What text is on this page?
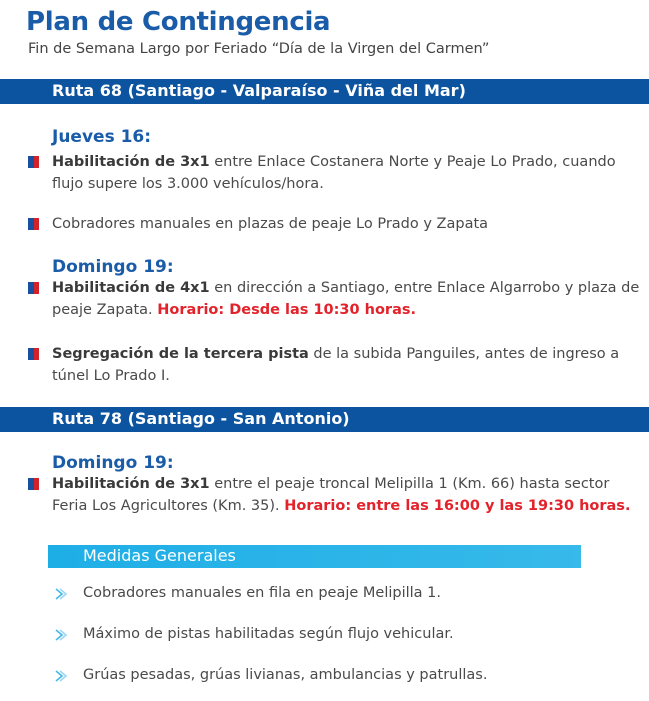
Plan de Contingencia
Fin de Semana Largo por Feriado “Día de la Virgen del Carmen”
Ruta 68 (Santiago - Valparaíso - Viña del Mar)
Jueves 16:
Habilitación de 3x1 entre Enlace Costanera Norte y Peaje Lo Prado, cuando flujo supere los 3.000 vehículos/hora.
Cobradores manuales en plazas de peaje Lo Prado y Zapata
Domingo 19:
Habilitación de 4x1 en dirección a Santiago, entre Enlace Algarrobo y plaza de peaje Zapata. Horario: Desde las 10:30 horas.
Segregación de la tercera pista de la subida Panguiles, antes de ingreso a túnel Lo Prado I.
Ruta 78 (Santiago - San Antonio)
Domingo 19:
Habilitación de 3x1 entre el peaje troncal Melipilla 1 (Km. 66) hasta sector Feria Los Agricultores (Km. 35). Horario: entre las 16:00 y las 19:30 horas.
Medidas Generales
Cobradores manuales en fila en peaje Melipilla 1.
Máximo de pistas habilitadas según flujo vehicular.
Grúas pesadas, grúas livianas, ambulancias y patrullas.
